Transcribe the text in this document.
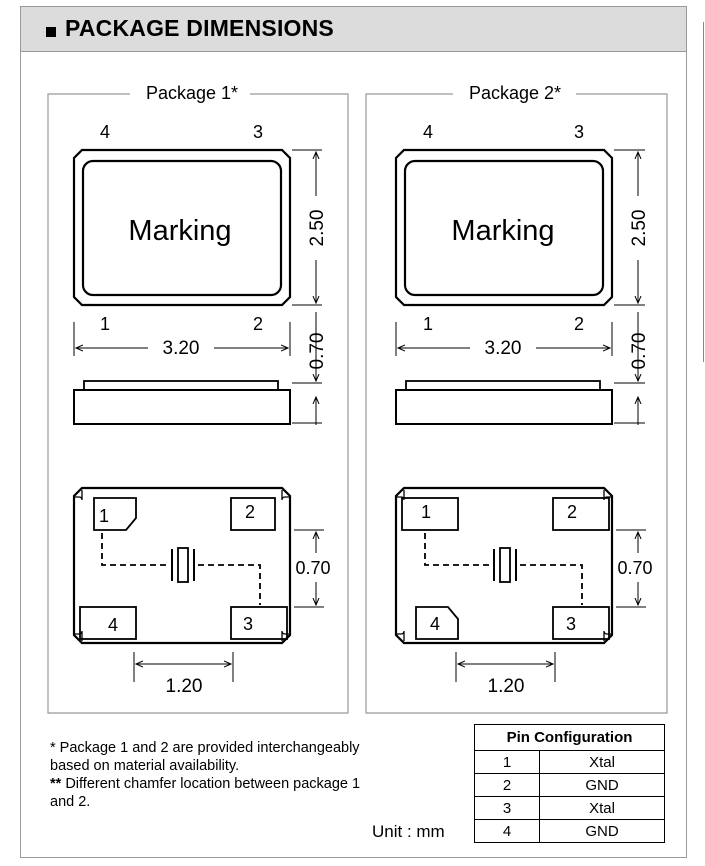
PACKAGE DIMENSIONS
Package 1*
4	3
Marking	2.50
1	2
3.20	0.70
1	2
4	3
0.70
1.20
Package 2*
4	3
Marking	2.50
1	2
3.20	0.70
1	2
4	3
0.70
1.20
* Package 1 and 2 are provided interchangeably
based on material availability.
** Different chamfer location between package 1
and 2.
Unit : mm
Pin Configuration	
1	Xtal
2	GND
3	Xtal
4	GND
